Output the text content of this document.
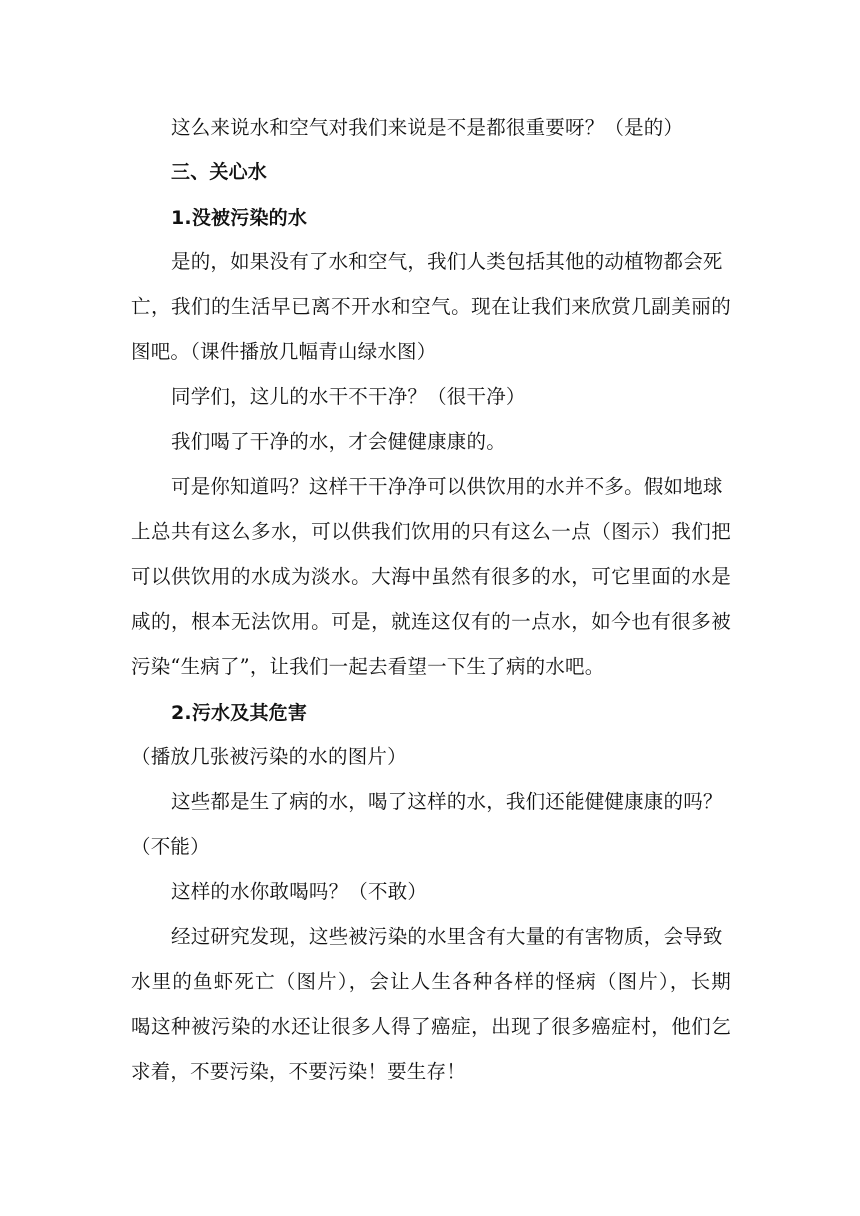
这么来说水和空气对我们来说是不是都很重要呀？（是的）
三、关心水
1.没被污染的水
是的，如果没有了水和空气，我们人类包括其他的动植物都会死
亡，我们的生活早已离不开水和空气。现在让我们来欣赏几副美丽的
图吧。（课件播放几幅青山绿水图）
同学们，这儿的水干不干净？（很干净）
我们喝了干净的水，才会健健康康的。
可是你知道吗？这样干干净净可以供饮用的水并不多。假如地球
上总共有这么多水，可以供我们饮用的只有这么一点（图示）我们把
可以供饮用的水成为淡水。大海中虽然有很多的水，可它里面的水是
咸的，根本无法饮用。可是，就连这仅有的一点水，如今也有很多被
污染“生病了”，让我们一起去看望一下生了病的水吧。
2.污水及其危害
（播放几张被污染的水的图片）
这些都是生了病的水，喝了这样的水，我们还能健健康康的吗？
（不能）
这样的水你敢喝吗？（不敢）
经过研究发现，这些被污染的水里含有大量的有害物质，会导致
水里的鱼虾死亡（图片），会让人生各种各样的怪病（图片），长期
喝这种被污染的水还让很多人得了癌症，出现了很多癌症村，他们乞
求着，不要污染，不要污染！要生存！
